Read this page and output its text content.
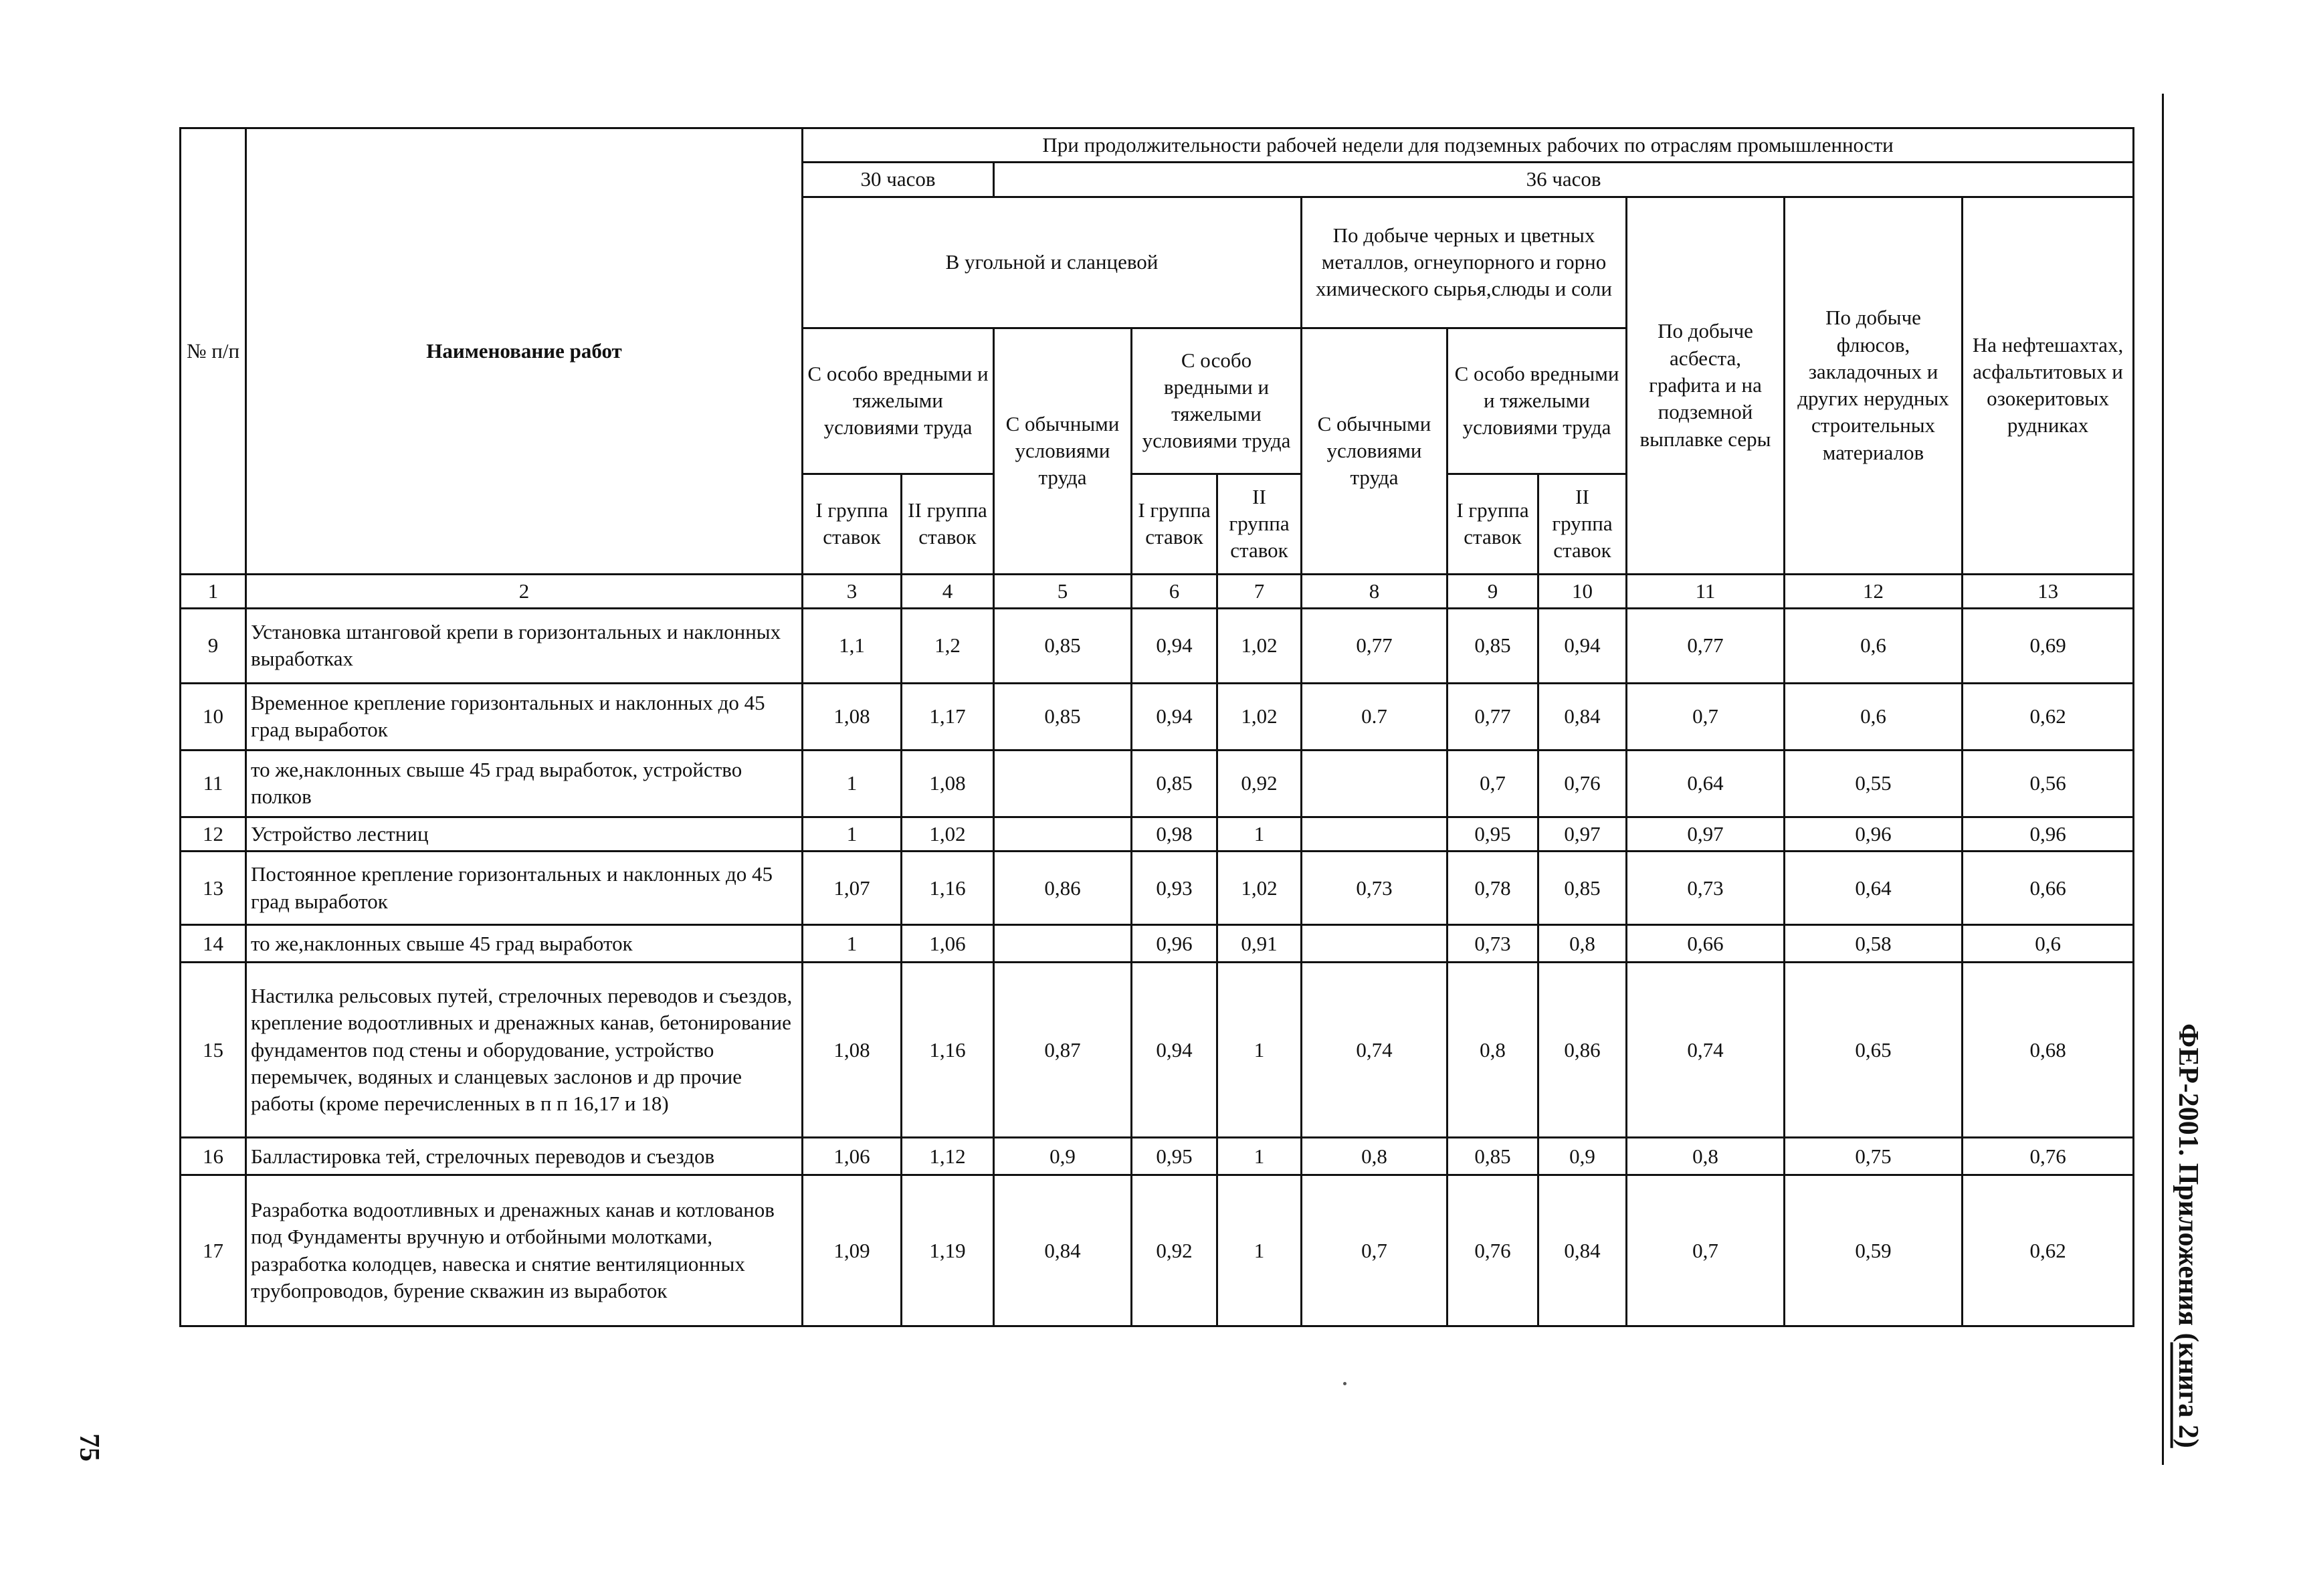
№ п/п	Наименование работ	При продолжительности рабочей недели для подземных рабочих по отраслям промышленности										
		30 часов		36 часов								
		В угольной и сланцевой					По добыче черных и цветных металлов, огнеупорного и горно химического сырья,слюды и соли			По добыче асбеста, графита и на подземной выплавке серы	По добыче флюсов, закладочных и других нерудных строительных материалов	На нефтешахтах, асфальтитовых и озокеритовых рудниках
		С особо вредными и тяжелыми условиями труда		С обычными условиями труда	С особо вредными и тяжелыми условиями труда		С обычными условиями труда	С особо вредными и тяжелыми условиями труда				
		I группа ставок	II группа ставок		I группа ставок	II группа ставок		I группа ставок	II группа ставок			
1	2	3	4	5	6	7	8	9	10	11	12	13
9	Установка штанговой крепи в горизонтальных и наклонных выработках	1,1	1,2	0,85	0,94	1,02	0,77	0,85	0,94	0,77	0,6	0,69
10	Временное крепление горизонтальных и наклонных до 45 град выработок	1,08	1,17	0,85	0,94	1,02	0.7	0,77	0,84	0,7	0,6	0,62
11	то же,наклонных свыше 45 град выработок, устройство полков	1	1,08		0,85	0,92		0,7	0,76	0,64	0,55	0,56
12	Устройство лестниц	1	1,02		0,98	1		0,95	0,97	0,97	0,96	0,96
13	Постоянное крепление горизонтальных и наклонных до 45 град выработок	1,07	1,16	0,86	0,93	1,02	0,73	0,78	0,85	0,73	0,64	0,66
14	то же,наклонных свыше 45 град выработок	1	1,06		0,96	0,91		0,73	0,8	0,66	0,58	0,6
15	Настилка рельсовых путей, стрелочных переводов и съездов, крепление водоотливных и дренажных канав, бетонирование фундаментов под стены и оборудование, устройство перемычек, водяных и сланцевых заслонов и др прочие работы (кроме перечисленных в п п 16,17 и 18)	1,08	1,16	0,87	0,94	1	0,74	0,8	0,86	0,74	0,65	0,68
16	Балластировка тей, стрелочных переводов и съездов	1,06	1,12	0,9	0,95	1	0,8	0,85	0,9	0,8	0,75	0,76
17	Разработка водоотливных и дренажных канав и котлованов под Фундаменты вручную и отбойными молотками, разработка колодцев, навеска и снятие вентиляционных трубопроводов, бурение скважин из выработок	1,09	1,19	0,84	0,92	1	0,7	0,76	0,84	0,7	0,59	0,62	ФЕР-2001. Приложения (книга 2)
75
